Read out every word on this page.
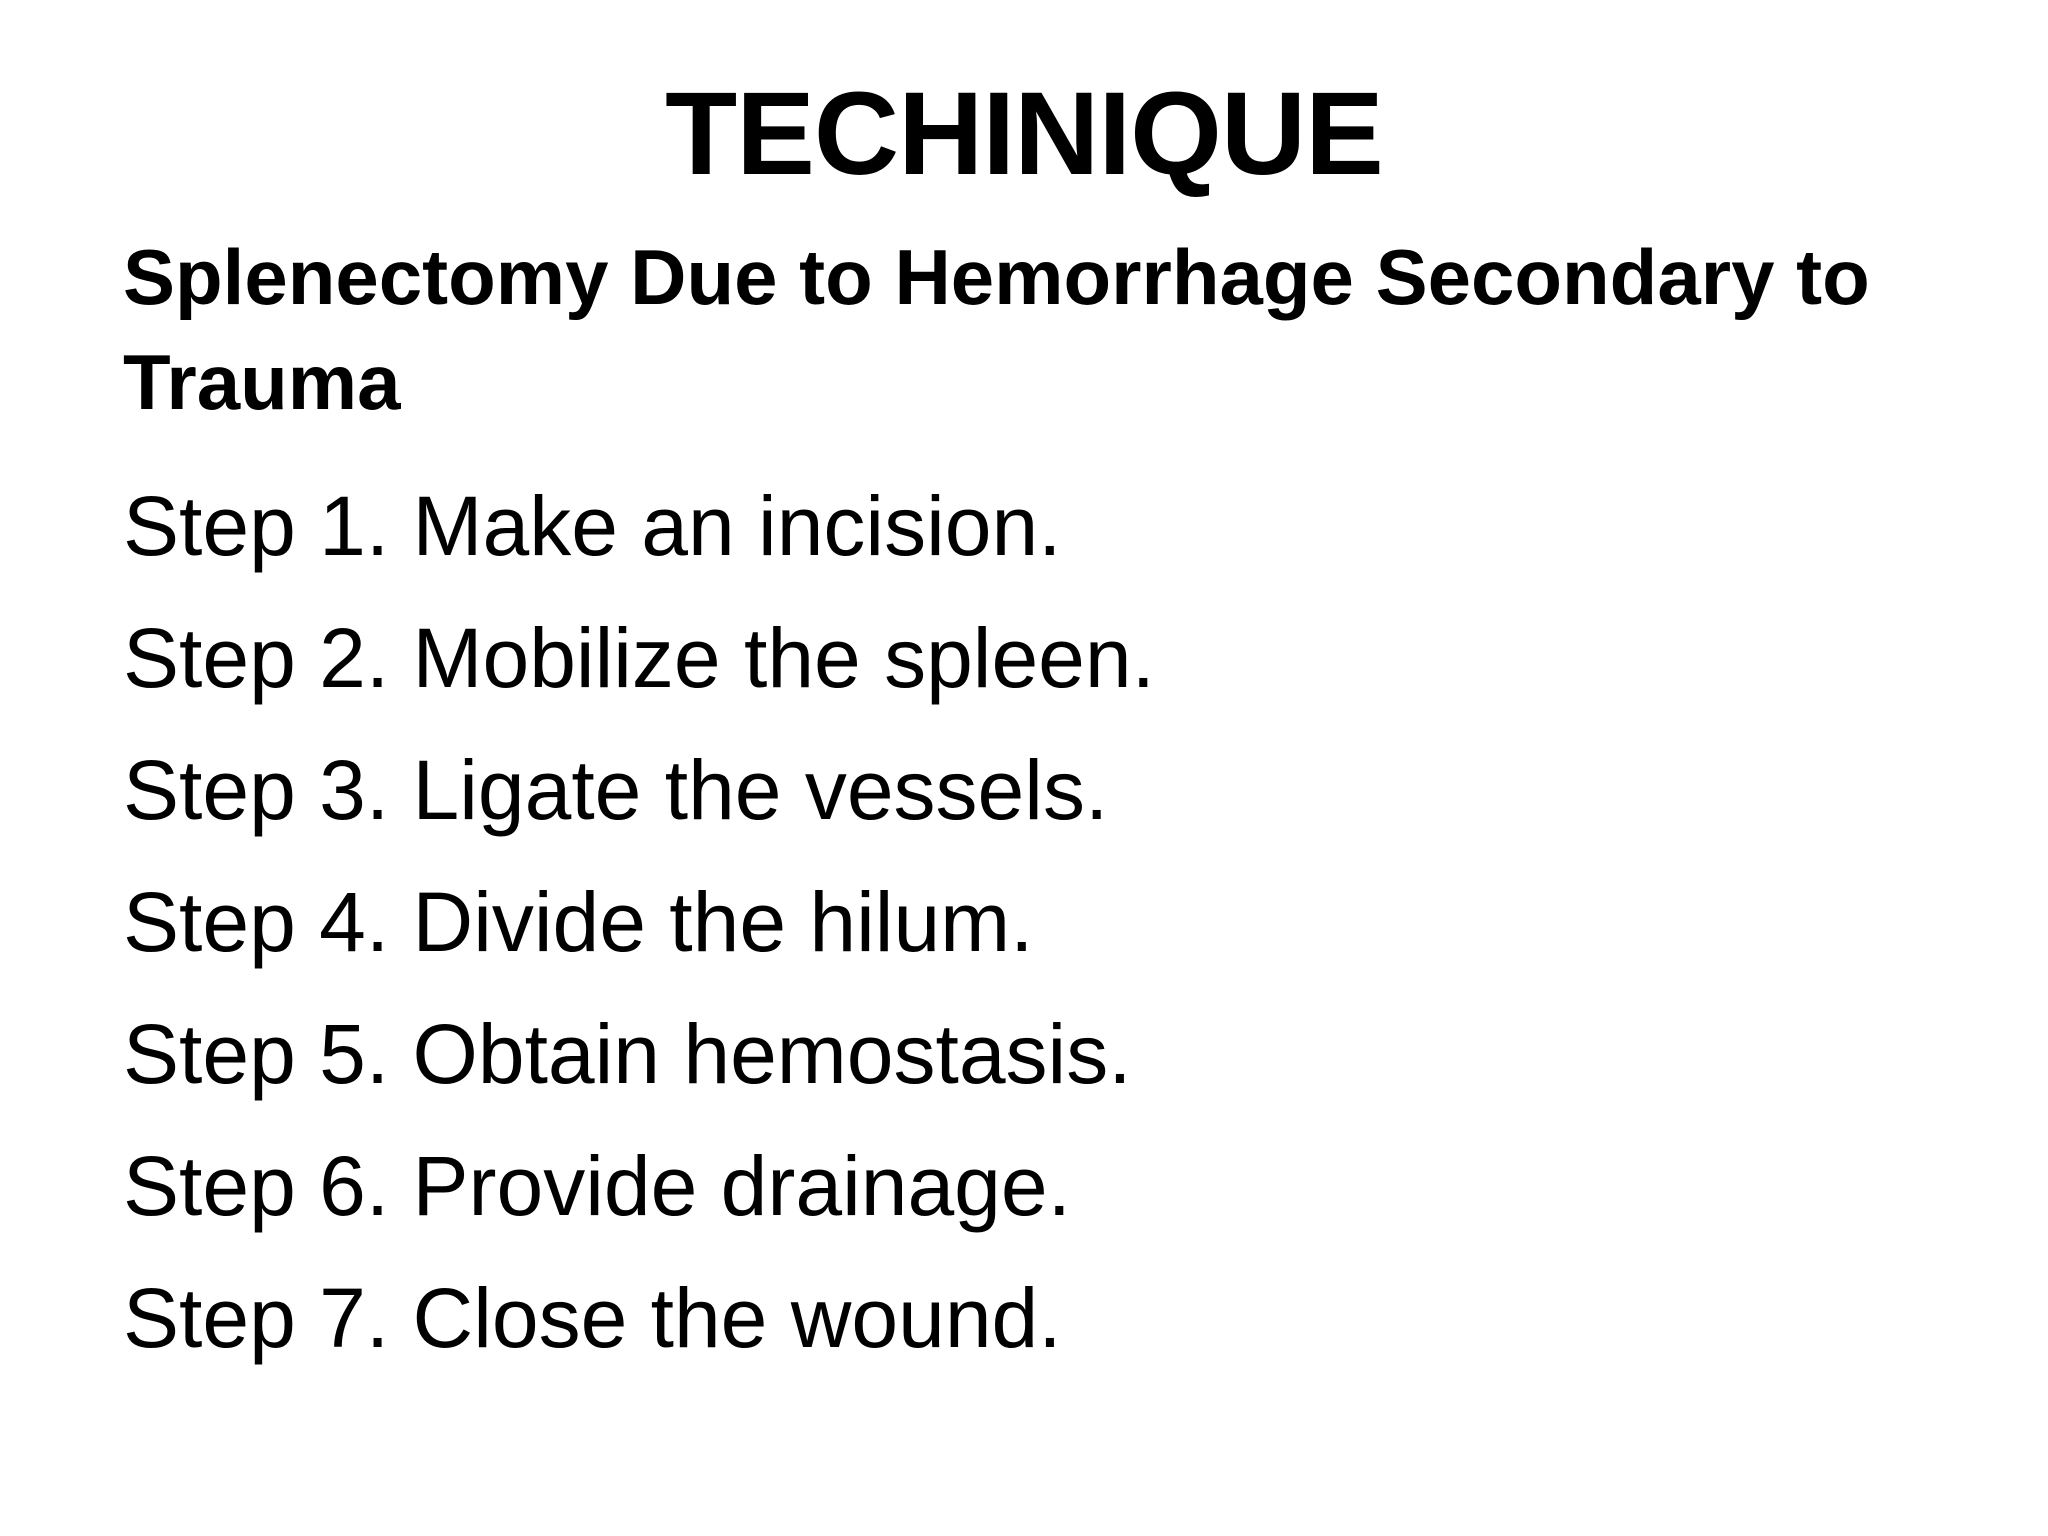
TECHINIQUE

Splenectomy Due to Hemorrhage Secondary to Trauma

Step 1. Make an incision.
Step 2. Mobilize the spleen.
Step 3. Ligate the vessels.
Step 4. Divide the hilum.
Step 5. Obtain hemostasis.
Step 6. Provide drainage.
Step 7. Close the wound.
